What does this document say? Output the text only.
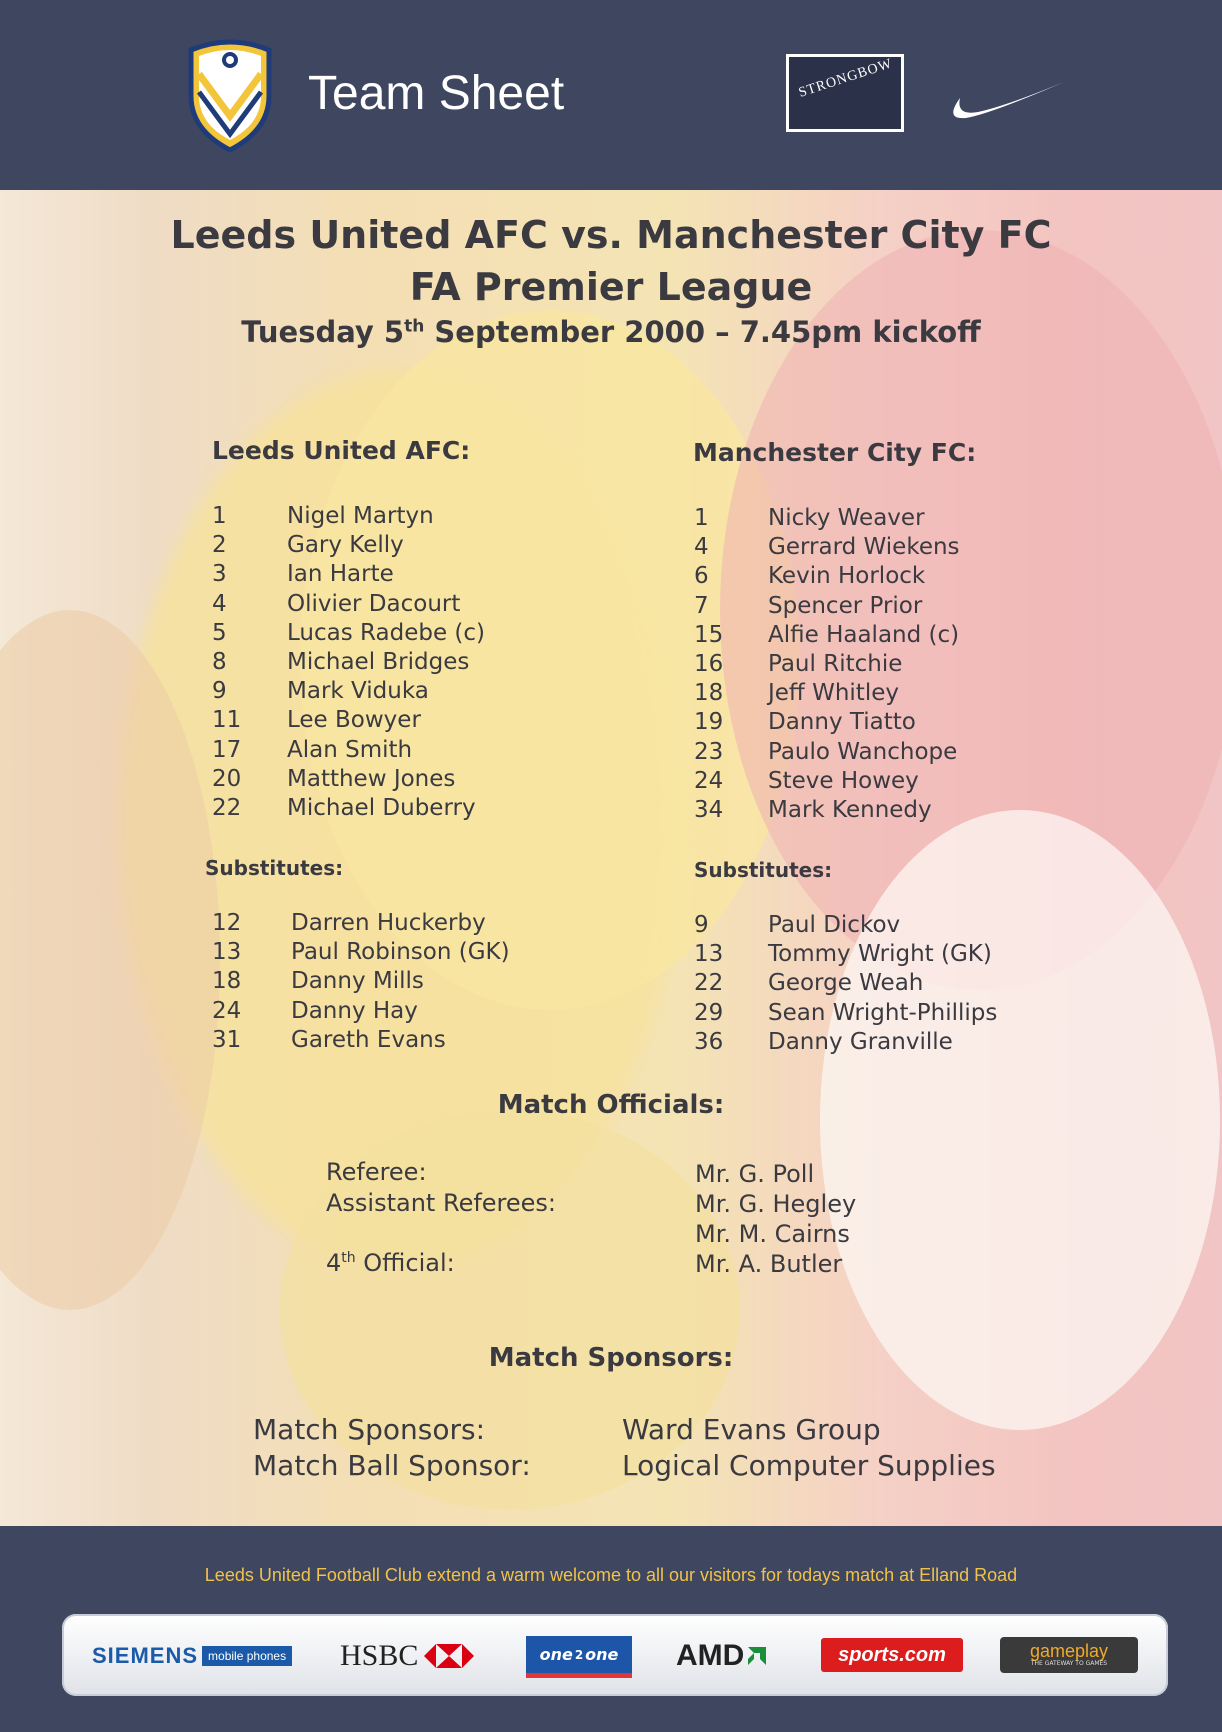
Team Sheet	STRONGBOW
Leeds United AFC vs. Manchester City FC
FA Premier League
Tuesday 5th September 2000 – 7.45pm kickoff
Leeds United AFC:	Manchester City FC:
1	Nigel Martyn
2	Gary Kelly
3	Ian Harte
4	Olivier Dacourt
5	Lucas Radebe (c)
8	Michael Bridges
9	Mark Viduka
11 Lee Bowyer
17 Alan Smith
20 Matthew Jones
22 Michael Duberry
1	Nicky Weaver
4	Gerrard Wiekens
6	Kevin Horlock
7	Spencer Prior
15 Alfie Haaland (c)
16 Paul Ritchie
18 Jeff Whitley
19 Danny Tiatto
23 Paulo Wanchope
24 Steve Howey
34 Mark Kennedy
Substitutes:	Substitutes:
12 Darren Huckerby
13 Paul Robinson (GK)
18 Danny Mills
24 Danny Hay
31 Gareth Evans
9	Paul Dickov
13 Tommy Wright (GK)
22 George Weah
29 Sean Wright-Phillips
36 Danny Granville
Match Officials:
Referee:	Mr. G. Poll
Assistant Referees:	Mr. G. Hegley
Mr. M. Cairns
4th Official:	Mr. A. Butler
Match Sponsors:
Match Sponsors:	Ward Evans Group
Match Ball Sponsor:	Logical Computer Supplies
Leeds United Football Club extend a warm welcome to all our visitors for todays match at Elland Road
SIEMENS mobile phones HSBC	one 2 one AMD	sports.com	gameplay
THE GATEWAY TO GAMES
